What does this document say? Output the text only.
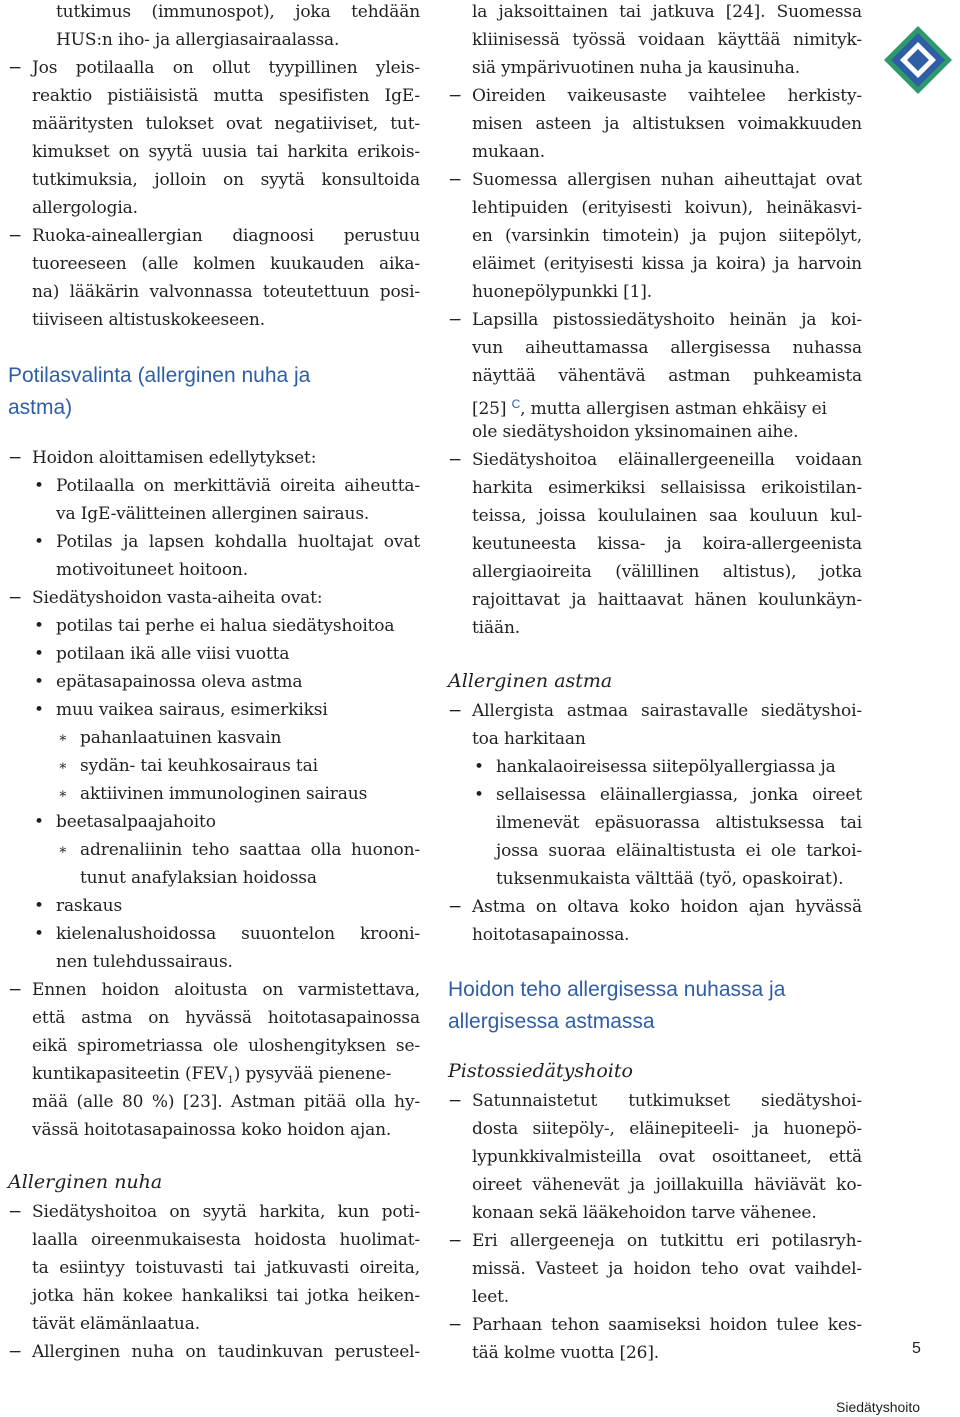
tutkimus (immunospot), joka tehdään
HUS:n iho- ja allergiasairaalassa.
− Jos potilaalla on ollut tyypillinen yleis-
reaktio pistiäisistä mutta spesifisten IgE-
määritysten tulokset ovat negatiiviset, tut-
kimukset on syytä uusia tai harkita erikois-
tutkimuksia, jolloin on syytä konsultoida
allergologia.
− Ruoka-aineallergian diagnoosi perustuu
tuoreeseen (alle kolmen kuukauden aika-
na) lääkärin valvonnassa toteutettuun posi-
tiiviseen altistuskokeeseen.
Potilasvalinta (allerginen nuha ja
astma)
− Hoidon aloittamisen edellytykset:
• Potilaalla on merkittäviä oireita aiheutta-
va IgE-välitteinen allerginen sairaus.
• Potilas ja lapsen kohdalla huoltajat ovat
motivoituneet hoitoon.
− Siedätyshoidon vasta-aiheita ovat:
• potilas tai perhe ei halua siedätyshoitoa
• potilaan ikä alle viisi vuotta
• epätasapainossa oleva astma
• muu vaikea sairaus, esimerkiksi
∗ pahanlaatuinen kasvain
∗ sydän- tai keuhkosairaus tai
∗ aktiivinen immunologinen sairaus
• beetasalpaajahoito
∗ adrenaliinin teho saattaa olla huonon-
tunut anafylaksian hoidossa
• raskaus
• kielenalushoidossa suuontelon krooni-
nen tulehdussairaus.
− Ennen hoidon aloitusta on varmistettava,
että astma on hyvässä hoitotasapainossa
eikä spirometriassa ole uloshengityksen se-
kuntikapasiteetin $(FEV_1)$ pysyvää pienene-
mää (alle 80 %) [23]. Astman pitää olla hy-
vässä hoitotasapainossa koko hoidon ajan.
Allerginen nuha
− Siedätyshoitoa on syytä harkita, kun poti-
laalla oireenmukaisesta hoidosta huolimat-
ta esiintyy toistuvasti tai jatkuvasti oireita,
jotka hän kokee hankaliksi tai jotka heiken-
tävät elämänlaatua.
− Allerginen nuha on taudinkuvan perusteel-
la jaksoittainen tai jatkuva [24]. Suomessa
kliinisessä työssä voidaan käyttää nimityk-
siä ympärivuotinen nuha ja kausinuha.
− Oireiden vaikeusaste vaihtelee herkisty-
misen asteen ja altistuksen voimakkuuden
mukaan.
− Suomessa allergisen nuhan aiheuttajat ovat
lehtipuiden (erityisesti koivun), heinäkasvi-
en (varsinkin timotein) ja pujon siitepölyt,
eläimet (erityisesti kissa ja koira) ja harvoin
huonepölypunkki [1].
− Lapsilla pistossiedätyshoito heinän ja koi-
vun aiheuttamassa allergisessa nuhassa
näyttää vähentävä astman puhkeamista
[25] $^C$, mutta allergisen astman ehkäisy ei
ole siedätyshoidon yksinomainen aihe.
− Siedätyshoitoa eläinallergeeneilla voidaan
harkita esimerkiksi sellaisissa erikoistilan-
teissa, joissa koululainen saa kouluun kul-
keutuneesta kissa- ja koira-allergeenista
allergiaoireita (välillinen altistus), jotka
rajoittavat ja haittaavat hänen koulunkäyn-
tiään.
Allerginen astma
− Allergista astmaa sairastavalle siedätyshoi-
toa harkitaan
• hankalaoireisessa siitepölyallergiassa ja
• sellaisessa eläinallergiassa, jonka oireet
ilmenevät epäsuorassa altistuksessa tai
jossa suoraa eläinaltistusta ei ole tarkoi-
tuksenmukaista välttää (työ, opaskoirat).
− Astma on oltava koko hoidon ajan hyvässä
hoitotasapainossa.
Hoidon teho allergisessa nuhassa ja
allergisessa astmassa
Pistossiedätyshoito
− Satunnaistetut tutkimukset siedätyshoi-
dosta siitepöly-, eläinepiteeli- ja huonepö-
lypunkkivalmisteilla ovat osoittaneet, että
oireet vähenevät ja joillakuilla häviävät ko-
konaan sekä lääkehoidon tarve vähenee.
− Eri allergeeneja on tutkittu eri potilasryh-
missä. Vasteet ja hoidon teho ovat vaihdel-
leet.
− Parhaan tehon saamiseksi hoidon tulee kes-
tää kolme vuotta [26].	5
Siedätyshoito
